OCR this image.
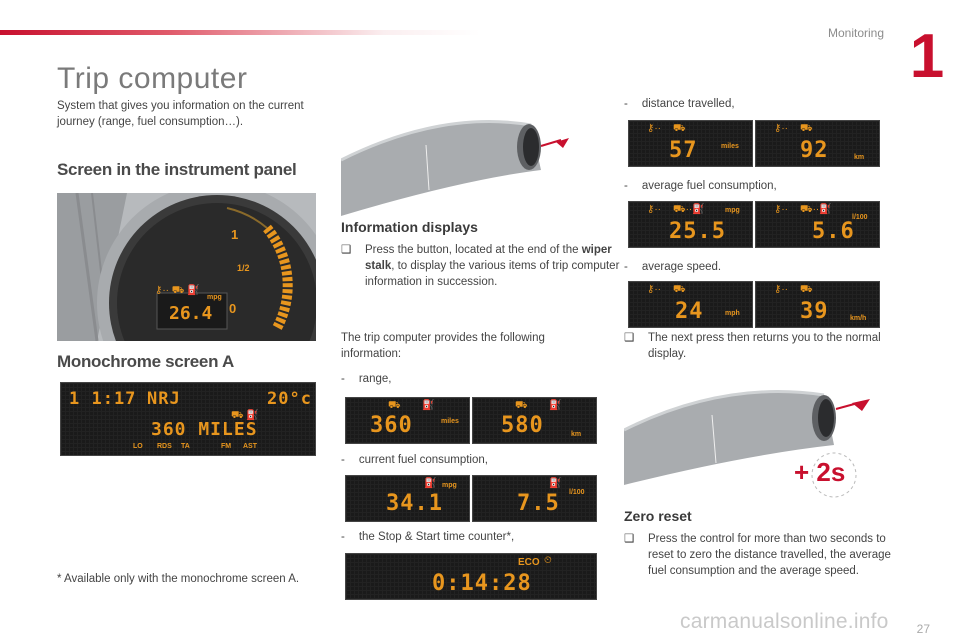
Monitoring 1
Trip computer
System that gives you information on the current journey (range, fuel consumption…).
Screen in the instrument panel
1
1/2
0
⚷·· ⛟ ⛽
26.4
mpg
Monochrome screen A
1 1:17 NRJ	20°c
⛟ ⛽
360 MILES
LO RDS TA	FM AST
* Available only with the monochrome screen A.
Information displays
❑ Press the button, located at the end of the wiper stalk, to display the various items of trip computer information in succession.
The trip computer provides the following information:
- range,
⛟ ⛽
360	miles
⛟ ⛽
580	km
- current fuel consumption,
⛽
34.1
mpg	⛽
7.5 l/100
- the Stop & Start time counter*,
ECO ⏲
0:14:28
- distance travelled,
⚷·· ⛟
57	miles
⚷·· ⛟
92	km
- average fuel consumption,
⚷·· ⛟··⛽
25.5
mpg	⚷·· ⛟··⛽
5.6
l/100
- average speed.
⚷·· ⛟
24	mph
⚷·· ⛟
39	km/h
❑ The next press then returns you to the normal display.
+ 2s
Zero reset
❑ Press the control for more than two seconds to reset to zero the distance travelled, the average fuel consumption and the average speed.
carmanualsonline.info 27
